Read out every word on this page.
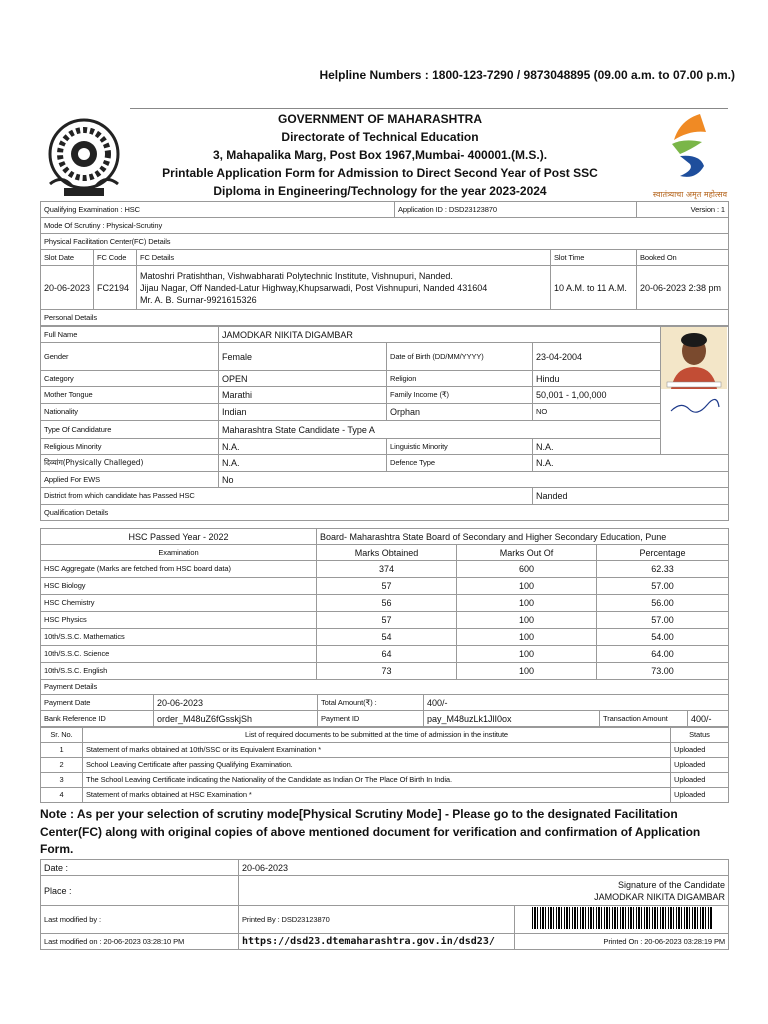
Helpline Numbers : 1800-123-7290 / 9873048895 (09.00 a.m. to 07.00 p.m.)
GOVERNMENT OF MAHARASHTRA
Directorate of Technical Education
3, Mahapalika Marg, Post Box 1967,Mumbai- 400001.(M.S.).
Printable Application Form for Admission to Direct Second Year of Post SSC
Diploma in Engineering/Technology for the year 2023-2024	स्वातंत्र्याचा अमृत महोत्सव
Qualifying Examination : HSC			Application ID : DSD23123870		Version : 1
Mode Of Scrutiny : Physical-Scrutiny					
Physical Facilitation Center(FC) Details					
Slot Date	FC Code	FC Details		Slot Time	Booked On
20-06-2023	FC2194	Matoshri Pratishthan, Vishwabharati Polytechnic Institute, Vishnupuri, Nanded.
Jijau Nagar, Off Nanded-Latur Highway,Khupsarwadi, Post Vishnupuri, Nanded 431604
Mr. A. B. Surnar-9921615326		10 A.M. to 11 A.M.	20-06-2023 2:38 pm
Personal Details					
Full Name	JAMODKAR NIKITA DIGAMBAR	
Gender	Female	Date of Birth (DD/MM/YYYY)	23-04-2004	
Category	OPEN	Religion	Hindu	
Mother Tongue	Marathi	Family Income (₹)	50,001 - 1,00,000	
Nationality	Indian	Orphan	NO	
Type Of Candidature	Maharashtra State Candidate - Type A			
Religious Minority	N.A.	Linguistic Minority	N.A.	
दिव्यांग(Physically Challeged)	N.A.	Defence Type	N.A.	
Applied For EWS	No			
District from which candidate has Passed HSC			Nanded	
Qualification Details				
HSC Passed Year - 2022	Board- Maharashtra State Board of Secondary and Higher Secondary Education, Pune		
Examination	Marks Obtained	Marks Out Of	Percentage
HSC Aggregate (Marks are fetched from HSC board data)	374	600	62.33
HSC Biology	57	100	57.00
HSC Chemistry	56	100	56.00
HSC Physics	57	100	57.00
10th/S.S.C. Mathematics	54	100	54.00
10th/S.S.C. Science	64	100	64.00
10th/S.S.C. English	73	100	73.00
Payment Details			
Payment Date	20-06-2023	Total Amount(₹) :	400/-		
Bank Reference ID	order_M48uZ6fGsskjSh	Payment ID	pay_M48uzLk1JlI0ox	Transaction Amount	400/-
Sr. No.	List of required documents to be submitted at the time of admission in the institute	Status
1	Statement of marks obtained at 10th/SSC or its Equivalent Examination *	Uploaded
2	School Leaving Certificate after passing Qualifying Examination.	Uploaded
3	The School Leaving Certificate indicating the Nationality of the Candidate as Indian Or The Place Of Birth In India.	Uploaded
4	Statement of marks obtained at HSC Examination *	Uploaded
Note : As per your selection of scrutiny mode[Physical Scrutiny Mode] - Please go to the designated Facilitation Center(FC) along with original copies of above mentioned document for verification and confirmation of Application Form.
Date :	20-06-2023	
Place :	Signature of the Candidate
JAMODKAR NIKITA DIGAMBAR	

Last modified by :	Printed By : DSD23123870	
Last modified on : 20-06-2023 03:28:10 PM	https://dsd23.dtemaharashtra.gov.in/dsd23/	Printed On : 20-06-2023 03:28:19 PM
